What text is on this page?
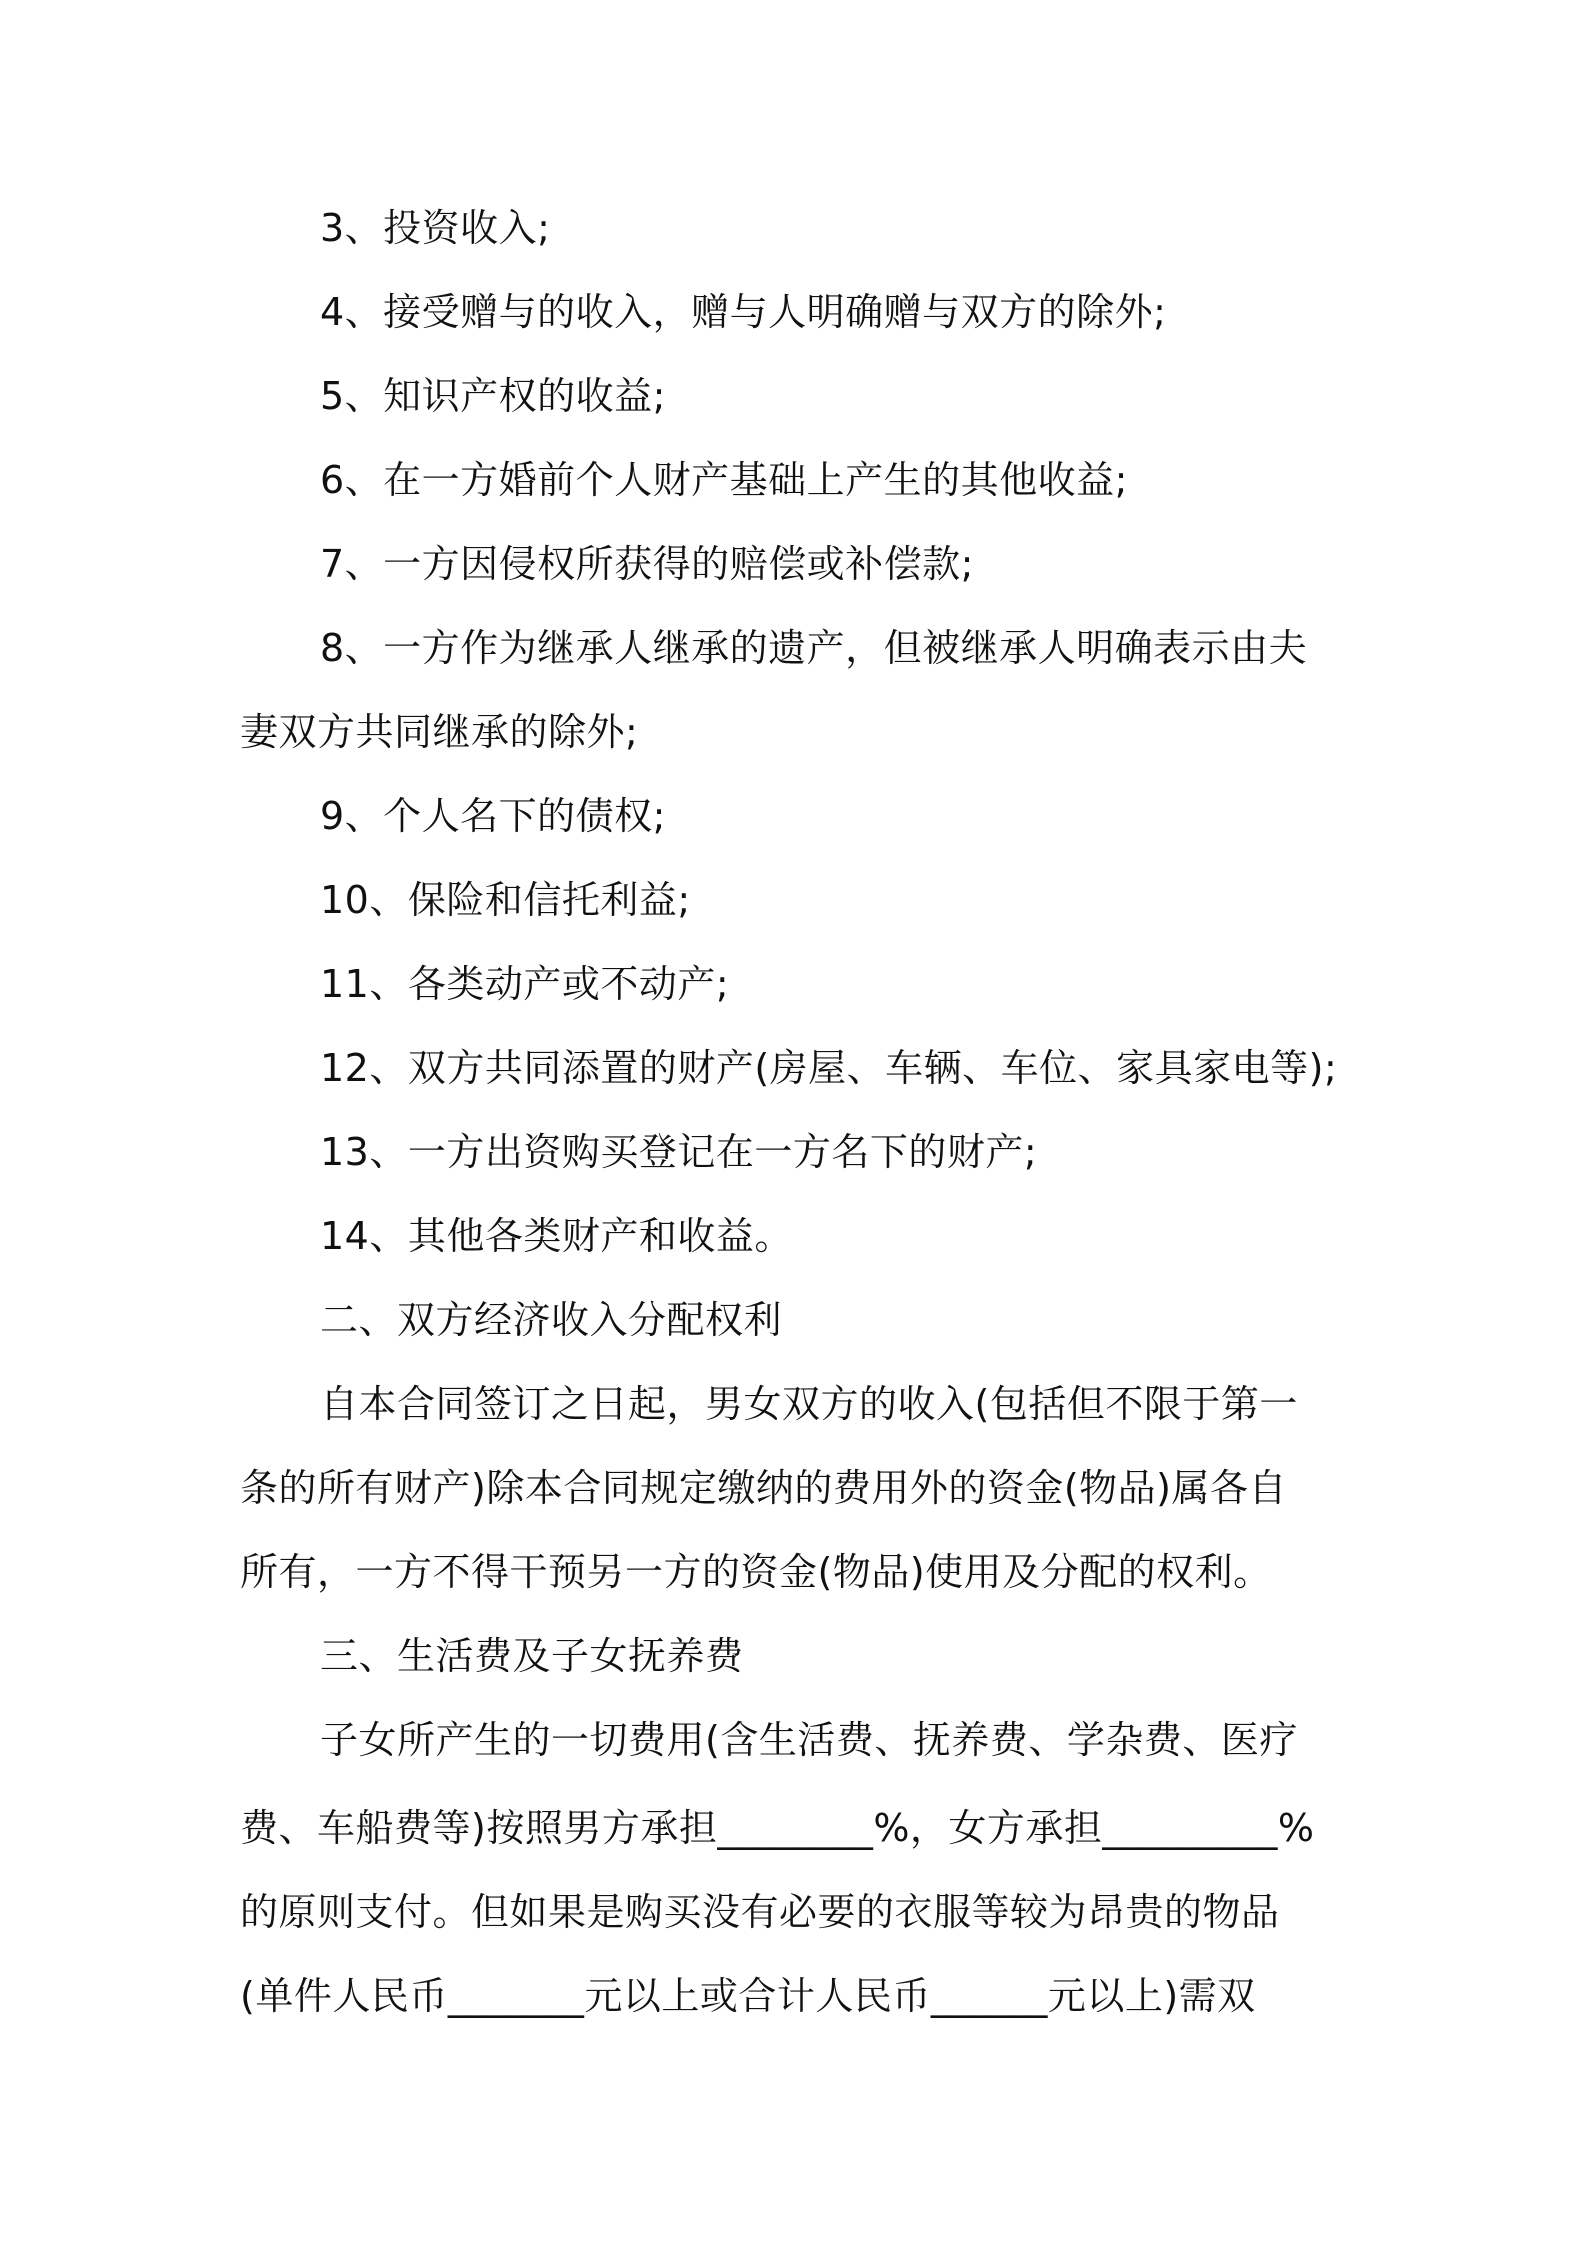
3、投资收入;

4、接受赠与的收入，赠与人明确赠与双方的除外;

5、知识产权的收益;

6、在一方婚前个人财产基础上产生的其他收益;

7、一方因侵权所获得的赔偿或补偿款;

8、一方作为继承人继承的遗产，但被继承人明确表示由夫

妻双方共同继承的除外;

9、个人名下的债权;

10、保险和信托利益;

11、各类动产或不动产;

12、双方共同添置的财产(房屋、车辆、车位、家具家电等);

13、一方出资购买登记在一方名下的财产;

14、其他各类财产和收益。

二、双方经济收入分配权利

自本合同签订之日起，男女双方的收入(包括但不限于第一

条的所有财产)除本合同规定缴纳的费用外的资金(物品)属各自

所有，一方不得干预另一方的资金(物品)使用及分配的权利。

三、生活费及子女抚养费

子女所产生的一切费用(含生活费、抚养费、学杂费、医疗

费、车船费等)按照男方承担________%，女方承担_________%

的原则支付。但如果是购买没有必要的衣服等较为昂贵的物品

(单件人民币_______元以上或合计人民币______元以上)需双
